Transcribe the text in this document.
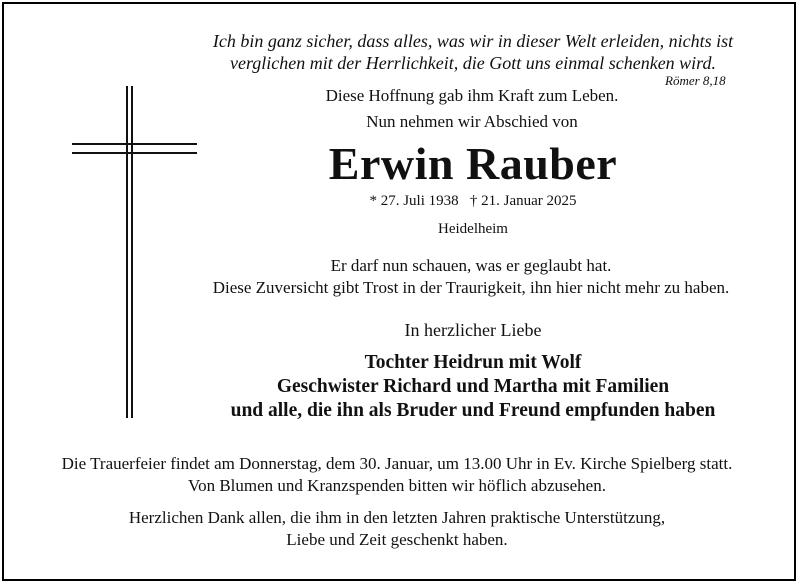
Ich bin ganz sicher, dass alles, was wir in dieser Welt erleiden, nichts ist
verglichen mit der Herrlichkeit, die Gott uns einmal schenken wird.
Römer 8,18
Diese Hoffnung gab ihm Kraft zum Leben.
Nun nehmen wir Abschied von
Erwin Rauber
* 27. Juli 1938   † 21. Januar 2025
Heidelheim
Er darf nun schauen, was er geglaubt hat.
Diese Zuversicht gibt Trost in der Traurigkeit, ihn hier nicht mehr zu haben.
In herzlicher Liebe
Tochter Heidrun mit Wolf
Geschwister Richard und Martha mit Familien
und alle, die ihn als Bruder und Freund empfunden haben
Die Trauerfeier findet am Donnerstag, dem 30. Januar, um 13.00 Uhr in Ev. Kirche Spielberg statt.
Von Blumen und Kranzspenden bitten wir höflich abzusehen.
Herzlichen Dank allen, die ihm in den letzten Jahren praktische Unterstützung,
Liebe und Zeit geschenkt haben.
